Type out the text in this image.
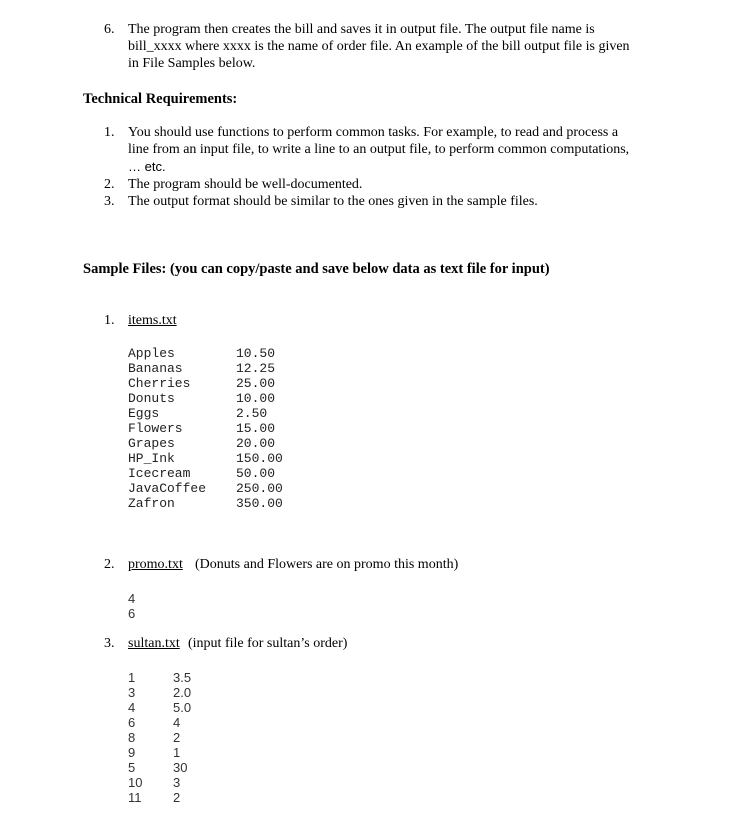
6. The program then creates the bill and saves it in output file. The output file name is
bill_xxxx where xxxx is the name of order file. An example of the bill output file is given
in File Samples below.
Technical Requirements:
1. You should use functions to perform common tasks. For example, to read and process a
line from an input file, to write a line to an output file, to perform common computations,
… etc.
2. The program should be well-documented.
3. The output format should be similar to the ones given in the sample files.
Sample Files: (you can copy/paste and save below data as text file for input)
1. items.txt
Apples
Bananas
Cherries
Donuts
Eggs
Flowers
Grapes
HP_Ink
Icecream
JavaCoffee
Zafron
10.50
12.25
25.00
10.00
2.50
15.00
20.00
150.00
50.00
250.00
350.00
2. promo.txt (Donuts and Flowers are on promo this month)
4
6
3. sultan.txt (input file for sultan’s order)
1
3
4
6
8
9
5
10
11
3.5
2.0
5.0
4
2
1
30
3
2
